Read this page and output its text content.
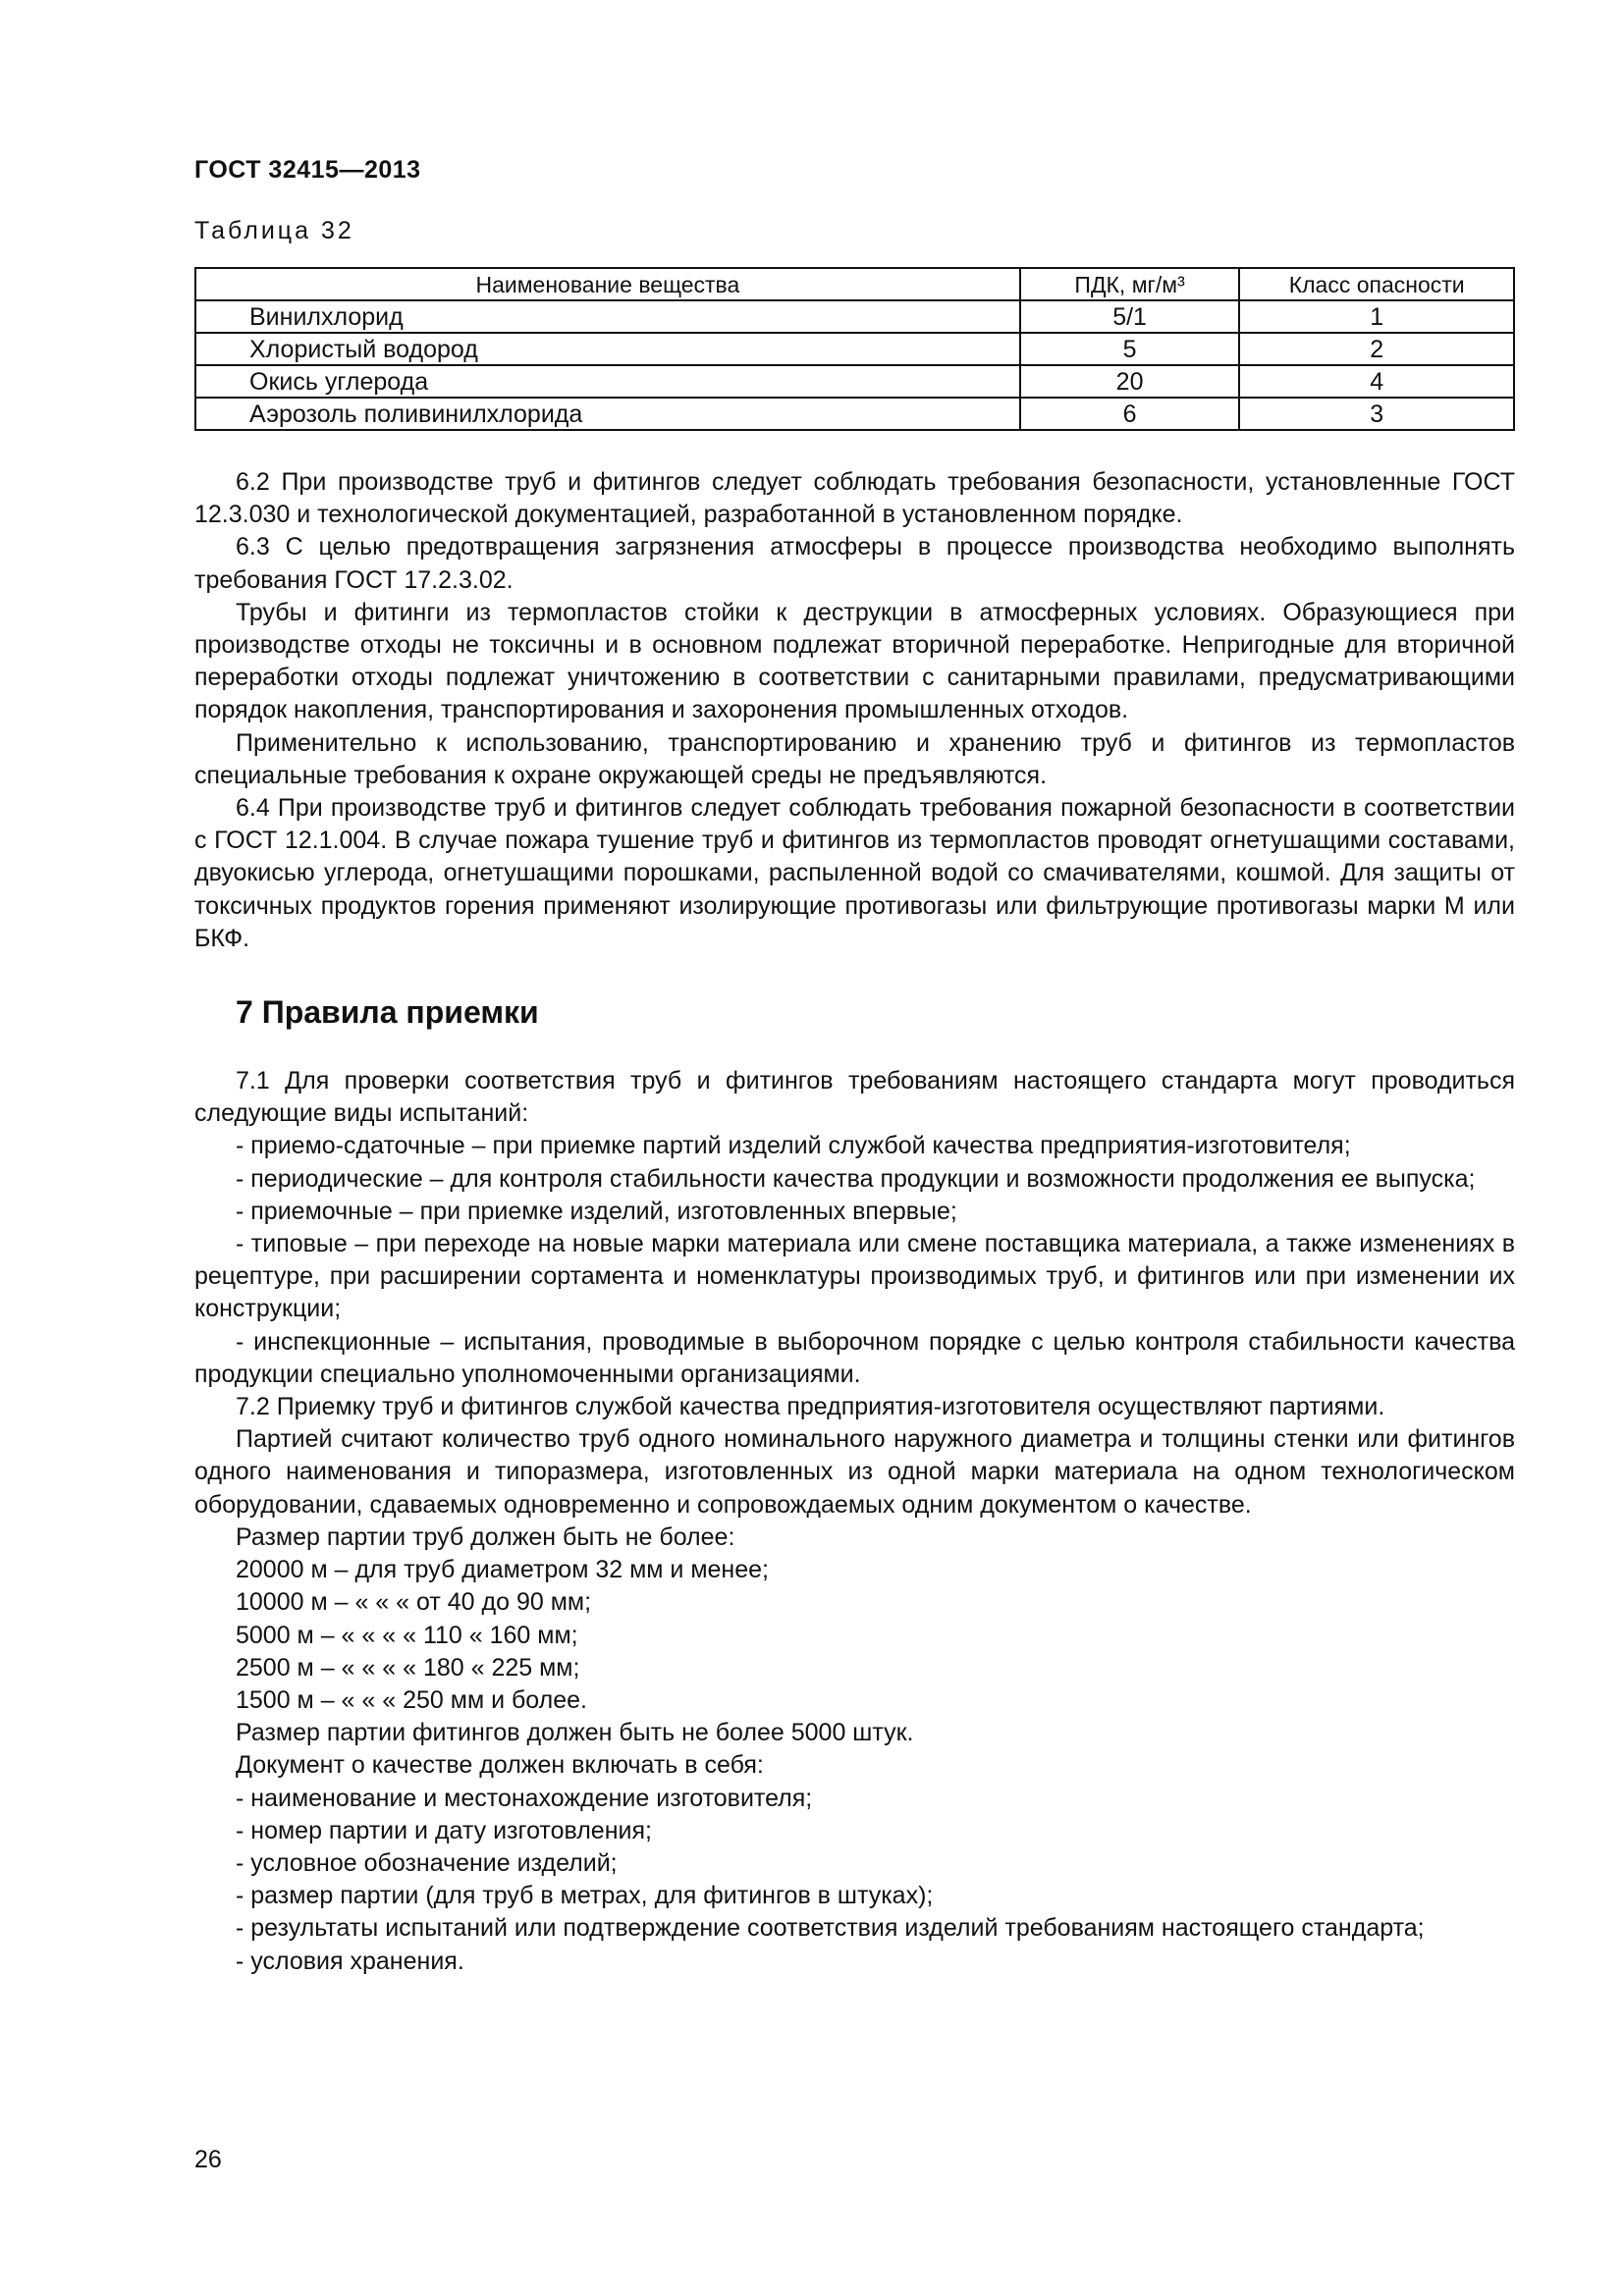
ГОСТ 32415—2013
Таблица 32
Наименование вещества	ПДК, мг/м³	Класс опасности
Винилхлорид	5/1	1
Хлористый водород	5	2
Окись углерода	20	4
Аэрозоль поливинилхлорида	6	3

6.2 При производстве труб и фитингов следует соблюдать требования безопасности, установленные ГОСТ 12.3.030 и технологической документацией, разработанной в установленном порядке.

6.3 С целью предотвращения загрязнения атмосферы в процессе производства необходимо выполнять требования ГОСТ 17.2.3.02.

Трубы и фитинги из термопластов стойки к деструкции в атмосферных условиях. Образующиеся при производстве отходы не токсичны и в основном подлежат вторичной переработке. Непригодные для вторичной переработки отходы подлежат уничтожению в соответствии с санитарными правилами, предусматривающими порядок накопления, транспортирования и захоронения промышленных отходов.

Применительно к использованию, транспортированию и хранению труб и фитингов из термопластов специальные требования к охране окружающей среды не предъявляются.

6.4 При производстве труб и фитингов следует соблюдать требования пожарной безопасности в соответствии с ГОСТ 12.1.004. В случае пожара тушение труб и фитингов из термопластов проводят огнетушащими составами, двуокисью углерода, огнетушащими порошками, распыленной водой со смачивателями, кошмой. Для защиты от токсичных продуктов горения применяют изолирующие противогазы или фильтрующие противогазы марки М или БКФ.

7 Правила приемки

7.1 Для проверки соответствия труб и фитингов требованиям настоящего стандарта могут проводиться следующие виды испытаний:

- приемо-сдаточные – при приемке партий изделий службой качества предприятия-изготовителя;

- периодические – для контроля стабильности качества продукции и возможности продолжения ее выпуска;

- приемочные – при приемке изделий, изготовленных впервые;

- типовые – при переходе на новые марки материала или смене поставщика материала, а также изменениях в рецептуре, при расширении сортамента и номенклатуры производимых труб, и фитингов или при изменении их конструкции;

- инспекционные – испытания, проводимые в выборочном порядке с целью контроля стабильности качества продукции специально уполномоченными организациями.

7.2 Приемку труб и фитингов службой качества предприятия-изготовителя осуществляют партиями.

Партией считают количество труб одного номинального наружного диаметра и толщины стенки или фитингов одного наименования и типоразмера, изготовленных из одной марки материала на одном технологическом оборудовании, сдаваемых одновременно и сопровождаемых одним документом о качестве.

Размер партии труб должен быть не более:

20000 м – для труб диаметром 32 мм и менее;

10000 м – « « « от 40 до 90 мм;

5000 м – « « « « 110 « 160 мм;

2500 м – « « « « 180 « 225 мм;

1500 м – « « « 250 мм и более.

Размер партии фитингов должен быть не более 5000 штук.

Документ о качестве должен включать в себя:

- наименование и местонахождение изготовителя;

- номер партии и дату изготовления;

- условное обозначение изделий;

- размер партии (для труб в метрах, для фитингов в штуках);

- результаты испытаний или подтверждение соответствия изделий требованиям настоящего стандарта;

- условия хранения.

26
